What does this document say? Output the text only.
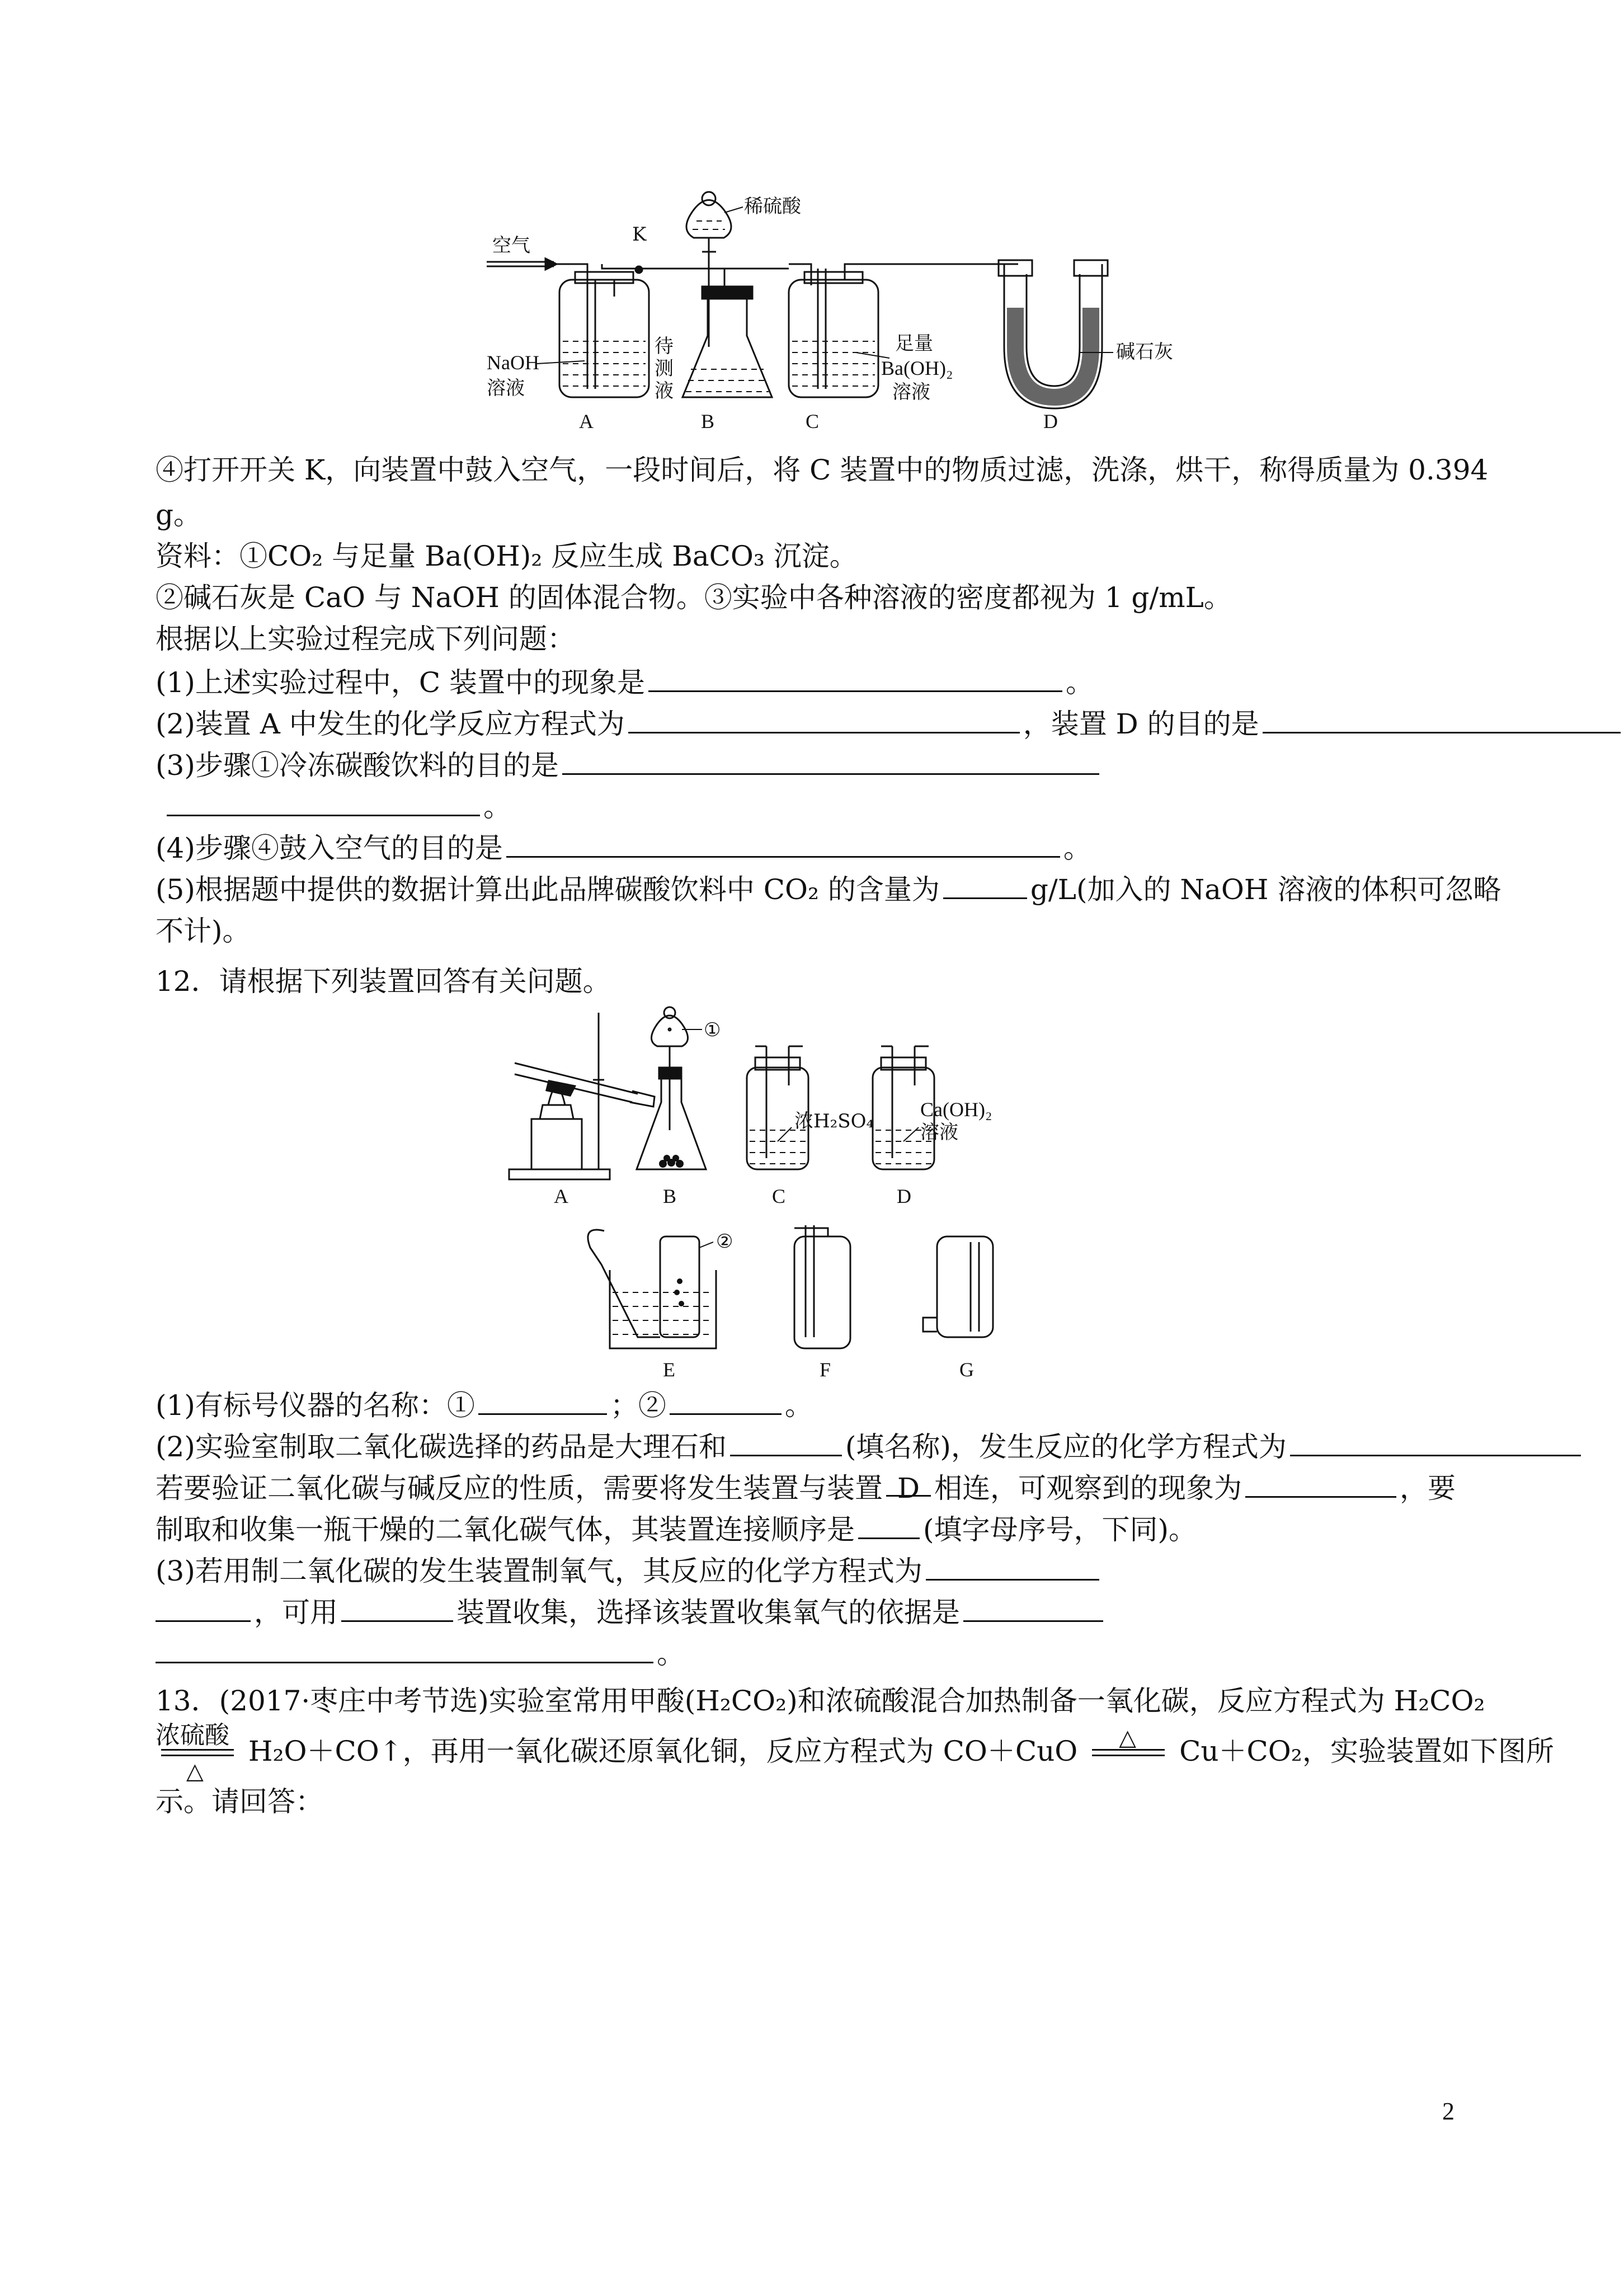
空气	K
稀硫酸
NaOH
溶液
待
测
液
足量
Ba(OH)₂
溶液
碱石灰
A	B	C	D
④打开开关 K，向装置中鼓入空气，一段时间后，将 C 装置中的物质过滤，洗涤，烘干，称得质量为 0.394
g。
资料：①CO₂ 与足量 Ba(OH)₂ 反应生成 BaCO₃ 沉淀。
②碱石灰是 CaO 与 NaOH 的固体混合物。③实验中各种溶液的密度都视为 1 g/mL。
根据以上实验过程完成下列问题：
(1)上述实验过程中，C 装置中的现象是	。
(2)装置 A 中发生的化学反应方程式为	，装置 D 的目的是
(3)步骤①冷冻碳酸饮料的目的是
。
(4)步骤④鼓入空气的目的是	。
(5)根据题中提供的数据计算出此品牌碳酸饮料中 CO₂ 的含量为	g/L(加入的 NaOH 溶液的体积可忽略
不计)。
12．请根据下列装置回答有关问题。
①
浓H₂SO₄
Ca(OH)₂
溶液
②
A	B	C	D
E	F	G
(1)有标号仪器的名称：①	；②	。
(2)实验室制取二氧化碳选择的药品是大理石和	(填名称)，发生反应的化学方程式为
若要验证二氧化碳与碱反应的性质，需要将发生装置与装置 D 相连，可观察到的现象为	，要
制取和收集一瓶干燥的二氧化碳气体，其装置连接顺序是 (填字母序号，下同)。
(3)若用制二氧化碳的发生装置制氧气，其反应的化学方程式为
，可用	装置收集，选择该装置收集氧气的依据是
。
13．(2017·枣庄中考节选)实验室常用甲酸(H₂CO₂)和浓硫酸混合加热制备一氧化碳，反应方程式为 H₂CO₂
浓硫酸
△
H₂O＋CO↑，再用一氧化碳还原氧化铜，反应方程式为 CO＋CuO △ Cu＋CO₂，实验装置如下图所
示。请回答：
2
